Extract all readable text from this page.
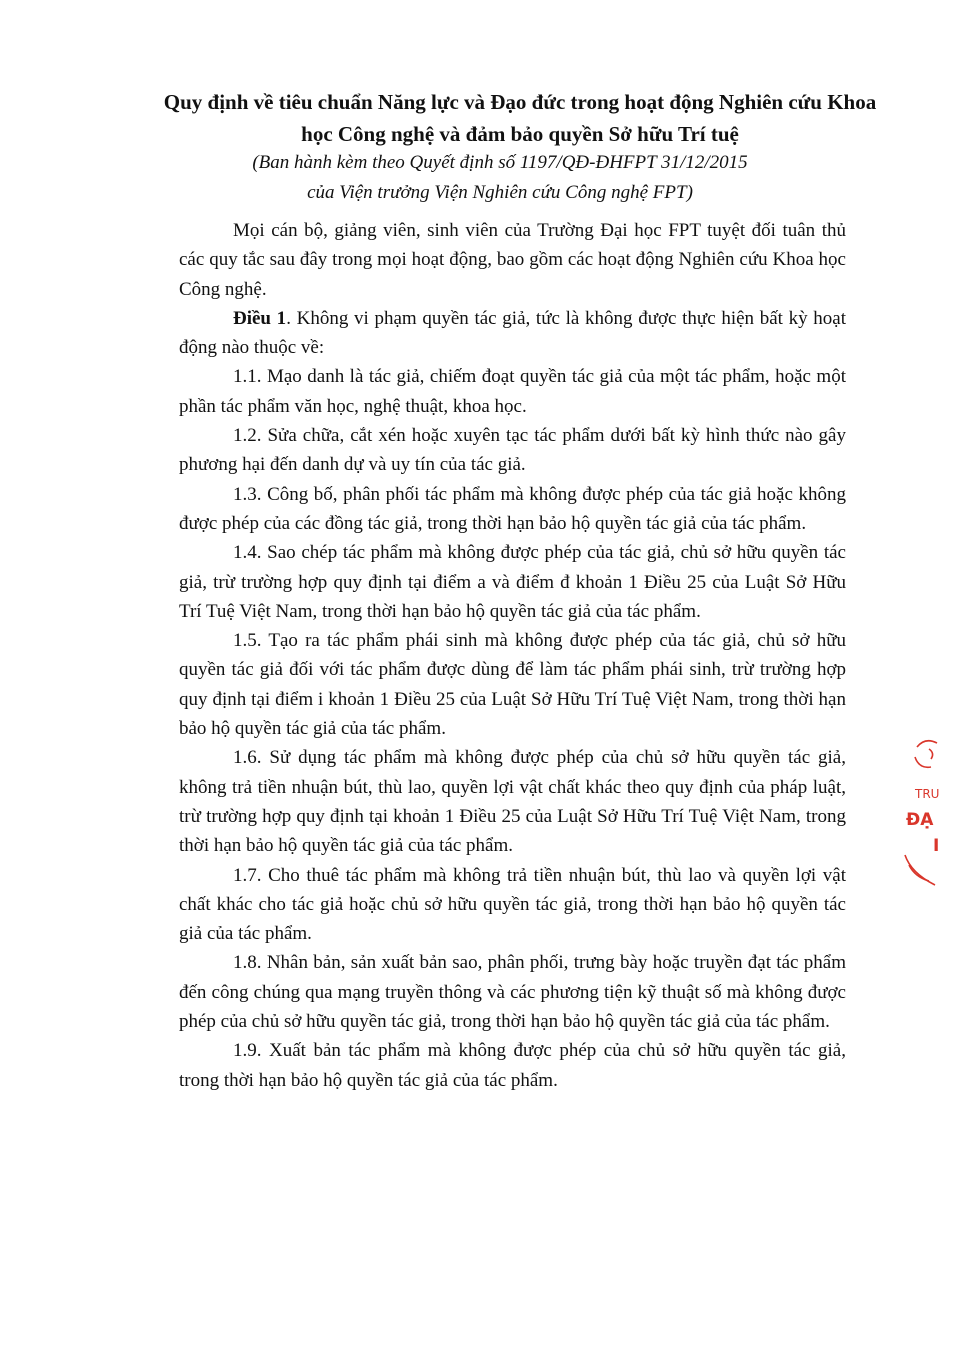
Quy định về tiêu chuẩn Năng lực và Đạo đức trong hoạt động Nghiên cứu Khoa
học Công nghệ và đảm bảo quyền Sở hữu Trí tuệ
(Ban hành kèm theo Quyết định số 1197/QĐ-ĐHFPT 31/12/2015
của Viện trưởng Viện Nghiên cứu Công nghệ FPT)

Mọi cán bộ, giảng viên, sinh viên của Trường Đại học FPT tuyệt đối tuân thủ các quy tắc sau đây trong mọi hoạt động, bao gồm các hoạt động Nghiên cứu Khoa học Công nghệ.

Điều 1. Không vi phạm quyền tác giả, tức là không được thực hiện bất kỳ hoạt động nào thuộc về:

1.1. Mạo danh là tác giả, chiếm đoạt quyền tác giả của một tác phẩm, hoặc một phần tác phẩm văn học, nghệ thuật, khoa học.

1.2. Sửa chữa, cắt xén hoặc xuyên tạc tác phẩm dưới bất kỳ hình thức nào gây phương hại đến danh dự và uy tín của tác giả.

1.3. Công bố, phân phối tác phẩm mà không được phép của tác giả hoặc không được phép của các đồng tác giả, trong thời hạn bảo hộ quyền tác giả của tác phẩm.

1.4. Sao chép tác phẩm mà không được phép của tác giả, chủ sở hữu quyền tác giả, trừ trường hợp quy định tại điểm a và điểm đ khoản 1 Điều 25 của Luật Sở Hữu Trí Tuệ Việt Nam, trong thời hạn bảo hộ quyền tác giả của tác phẩm.

1.5. Tạo ra tác phẩm phái sinh mà không được phép của tác giả, chủ sở hữu quyền tác giả đối với tác phẩm được dùng để làm tác phẩm phái sinh, trừ trường hợp quy định tại điểm i khoản 1 Điều 25 của Luật Sở Hữu Trí Tuệ Việt Nam, trong thời hạn bảo hộ quyền tác giả của tác phẩm.

1.6. Sử dụng tác phẩm mà không được phép của chủ sở hữu quyền tác giả, không trả tiền nhuận bút, thù lao, quyền lợi vật chất khác theo quy định của pháp luật, trừ trường hợp quy định tại khoản 1 Điều 25 của Luật Sở Hữu Trí Tuệ Việt Nam, trong thời hạn bảo hộ quyền tác giả của tác phẩm.

1.7. Cho thuê tác phẩm mà không trả tiền nhuận bút, thù lao và quyền lợi vật chất khác cho tác giả hoặc chủ sở hữu quyền tác giả, trong thời hạn bảo hộ quyền tác giả của tác phẩm.

1.8. Nhân bản, sản xuất bản sao, phân phối, trưng bày hoặc truyền đạt tác phẩm đến công chúng qua mạng truyền thông và các phương tiện kỹ thuật số mà không được phép của chủ sở hữu quyền tác giả, trong thời hạn bảo hộ quyền tác giả của tác phẩm.

1.9. Xuất bản tác phẩm mà không được phép của chủ sở hữu quyền tác giả, trong thời hạn bảo hộ quyền tác giả của tác phẩm.

TRU
ĐẠ
I
